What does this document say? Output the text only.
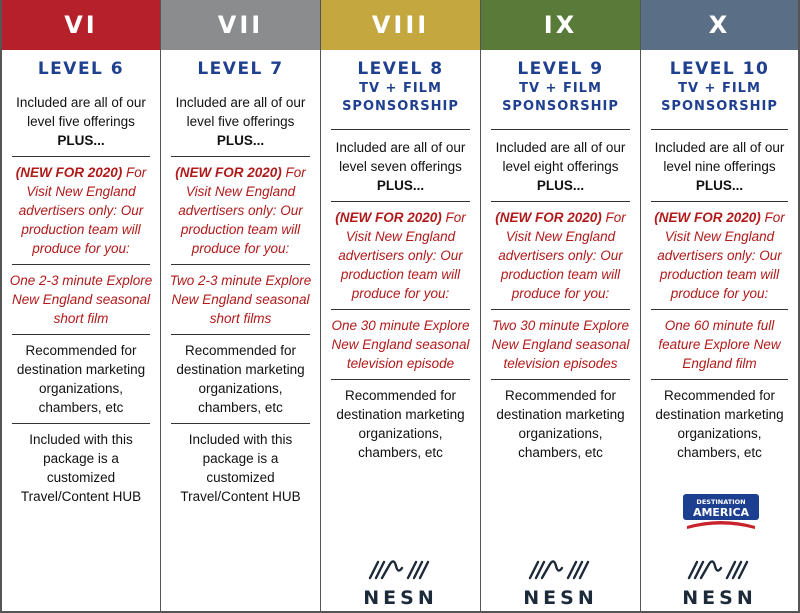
VI
LEVEL 6
Included are all of our level five offerings
PLUS...
(NEW FOR 2020) For Visit New England advertisers only: Our production team will produce for you:
One 2-3 minute Explore New England seasonal short film
Recommended for destination marketing organizations, chambers, etc
Included with this package is a customized Travel/Content HUB
VII
LEVEL 7
Included are all of our level five offerings
PLUS...
(NEW FOR 2020) For Visit New England advertisers only: Our production team will produce for you:
Two 2-3 minute Explore New England seasonal short films
Recommended for destination marketing organizations, chambers, etc
Included with this package is a customized Travel/Content HUB
VIII
LEVEL 8
TV + FILM
SPONSORSHIP
Included are all of our level seven offerings
PLUS...
(NEW FOR 2020) For Visit New England advertisers only: Our production team will produce for you:
One 30 minute Explore New England seasonal television episode
Recommended for destination marketing organizations, chambers, etc
NESN
IX
LEVEL 9
TV + FILM
SPONSORSHIP
Included are all of our level eight offerings
PLUS...
(NEW FOR 2020) For Visit New England advertisers only: Our production team will produce for you:
Two 30 minute Explore New England seasonal television episodes
Recommended for destination marketing organizations, chambers, etc
NESN
X
LEVEL 10
TV + FILM
SPONSORSHIP
Included are all of our level nine offerings
PLUS...
(NEW FOR 2020) For Visit New England advertisers only: Our production team will produce for you:
One 60 minute full feature Explore New England film
Recommended for destination marketing organizations, chambers, etc
DESTINATION
AMERICA
NESN
